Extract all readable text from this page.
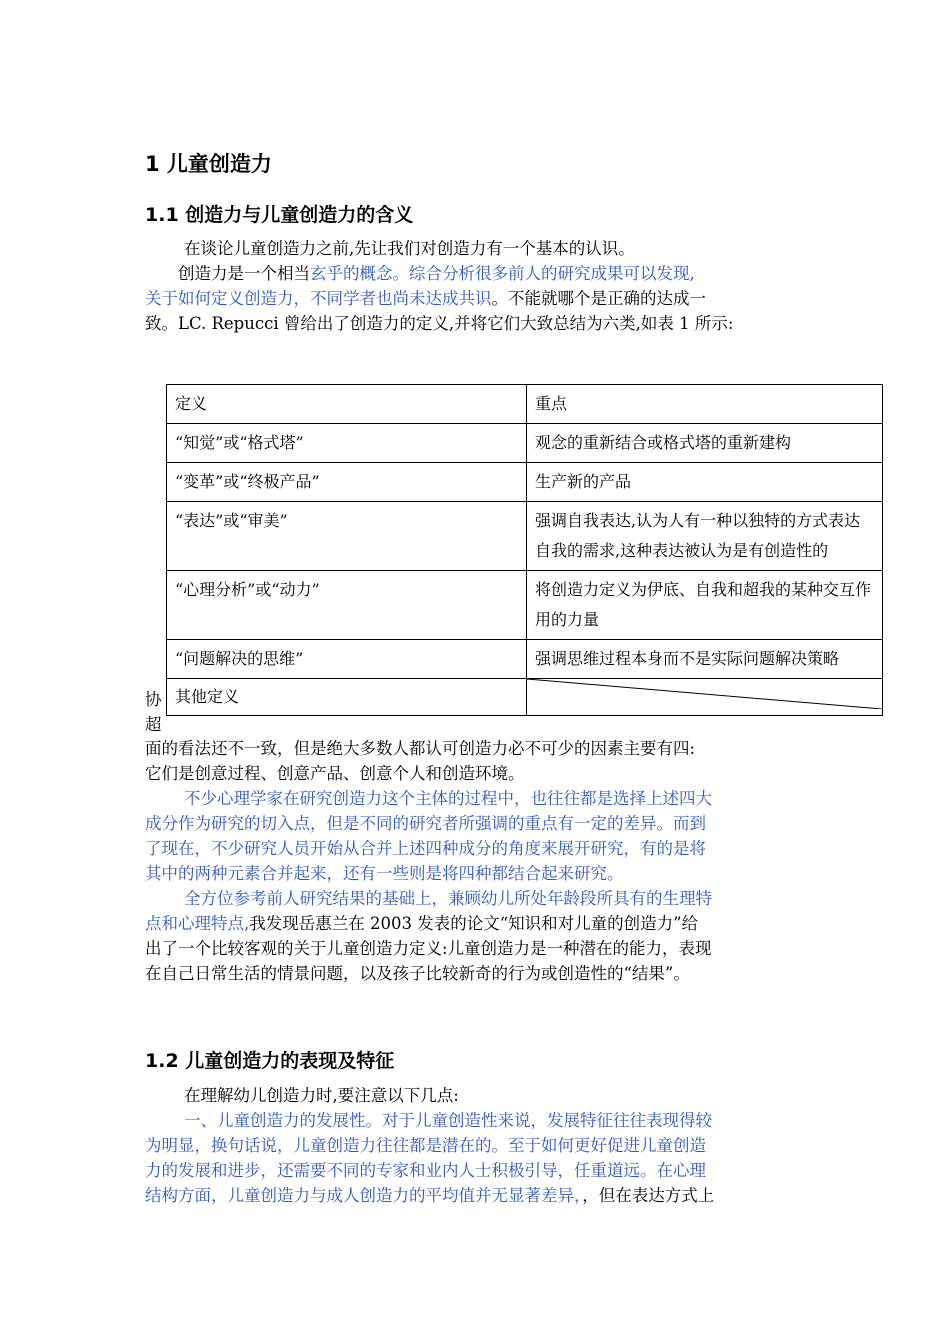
1 儿童创造力
1.1 创造力与儿童创造力的含义
在谈论儿童创造力之前,先让我们对创造力有一个基本的认识。
创造力是一个相当玄乎的概念。综合分析很多前人的研究成果可以发现,
关于如何定义创造力，不同学者也尚未达成共识。不能就哪个是正确的达成一
致。LC. Repucci 曾给出了创造力的定义,并将它们大致总结为六类,如表 1 所示:
定义	重点
“知觉”或“格式塔”	观念的重新结合或格式塔的重新建构
“变革”或“终极产品”	生产新的产品
“表达”或“审美”	强调自我表达,认为人有一种以独特的方式表达自我的需求,这种表达被认为是有创造性的
“心理分析”或“动力”	将创造力定义为伊底、自我和超我的某种交互作用的力量
“问题解决的思维”	强调思维过程本身而不是实际问题解决策略
其他定义	
协
超
面的看法还不一致，但是绝大多数人都认可创造力必不可少的因素主要有四:
它们是创意过程、创意产品、创意个人和创造环境。
不少心理学家在研究创造力这个主体的过程中，也往往都是选择上述四大
成分作为研究的切入点，但是不同的研究者所强调的重点有一定的差异。而到
了现在，不少研究人员开始从合并上述四种成分的角度来展开研究，有的是将
其中的两种元素合并起来，还有一些则是将四种都结合起来研究。
全方位参考前人研究结果的基础上，兼顾幼儿所处年龄段所具有的生理特
点和心理特点,我发现岳惠兰在 2003 发表的论文“知识和对儿童的创造力”给
出了一个比较客观的关于儿童创造力定义:儿童创造力是一种潜在的能力，表现
在自己日常生活的情景问题，以及孩子比较新奇的行为或创造性的“结果”。
1.2 儿童创造力的表现及特征
在理解幼儿创造力时,要注意以下几点:
一、儿童创造力的发展性。对于儿童创造性来说，发展特征往往表现得较
为明显，换句话说，儿童创造力往往都是潜在的。至于如何更好促进儿童创造
力的发展和进步，还需要不同的专家和业内人士积极引导，任重道远。在心理
结构方面，儿童创造力与成人创造力的平均值并无显著差异，，但在表达方式上
